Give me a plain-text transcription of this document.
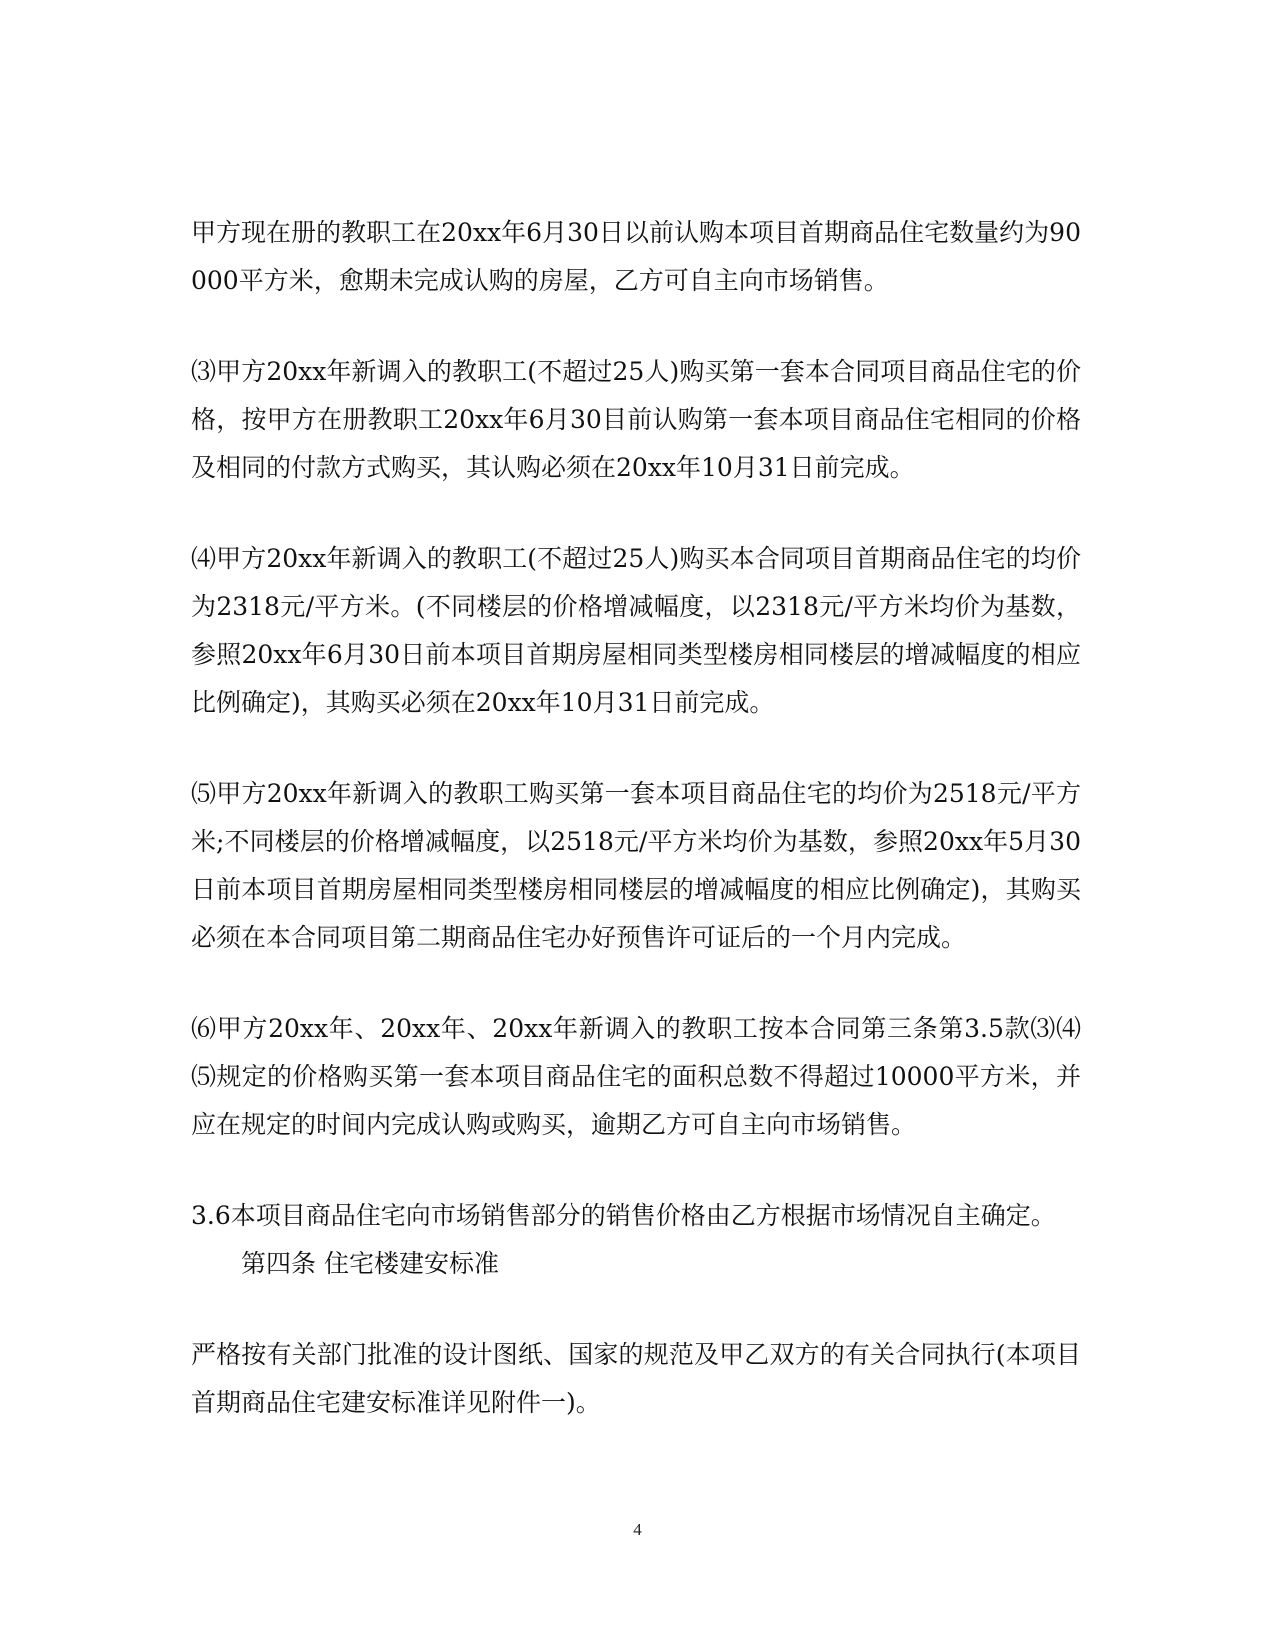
甲方现在册的教职工在20xx年6月30日以前认购本项目首期商品住宅数量约为90000平方米，愈期未完成认购的房屋，乙方可自主向市场销售。

⑶甲方20xx年新调入的教职工(不超过25人)购买第一套本合同项目商品住宅的价格，按甲方在册教职工20xx年6月30目前认购第一套本项目商品住宅相同的价格及相同的付款方式购买，其认购必须在20xx年10月31日前完成。

⑷甲方20xx年新调入的教职工(不超过25人)购买本合同项目首期商品住宅的均价为2318元/平方米。(不同楼层的价格增减幅度，以2318元/平方米均价为基数，参照20xx年6月30日前本项目首期房屋相同类型楼房相同楼层的增减幅度的相应比例确定)，其购买必须在20xx年10月31日前完成。

⑸甲方20xx年新调入的教职工购买第一套本项目商品住宅的均价为2518元/平方米;不同楼层的价格增减幅度，以2518元/平方米均价为基数，参照20xx年5月30日前本项目首期房屋相同类型楼房相同楼层的增减幅度的相应比例确定)，其购买必须在本合同项目第二期商品住宅办好预售许可证后的一个月内完成。

⑹甲方20xx年、20xx年、20xx年新调入的教职工按本合同第三条第3.5款⑶⑷⑸规定的价格购买第一套本项目商品住宅的面积总数不得超过10000平方米，并应在规定的时间内完成认购或购买，逾期乙方可自主向市场销售。

3.6本项目商品住宅向市场销售部分的销售价格由乙方根据市场情况自主确定。

第四条 住宅楼建安标准

严格按有关部门批准的设计图纸、国家的规范及甲乙双方的有关合同执行(本项目首期商品住宅建安标准详见附件一)。

4
